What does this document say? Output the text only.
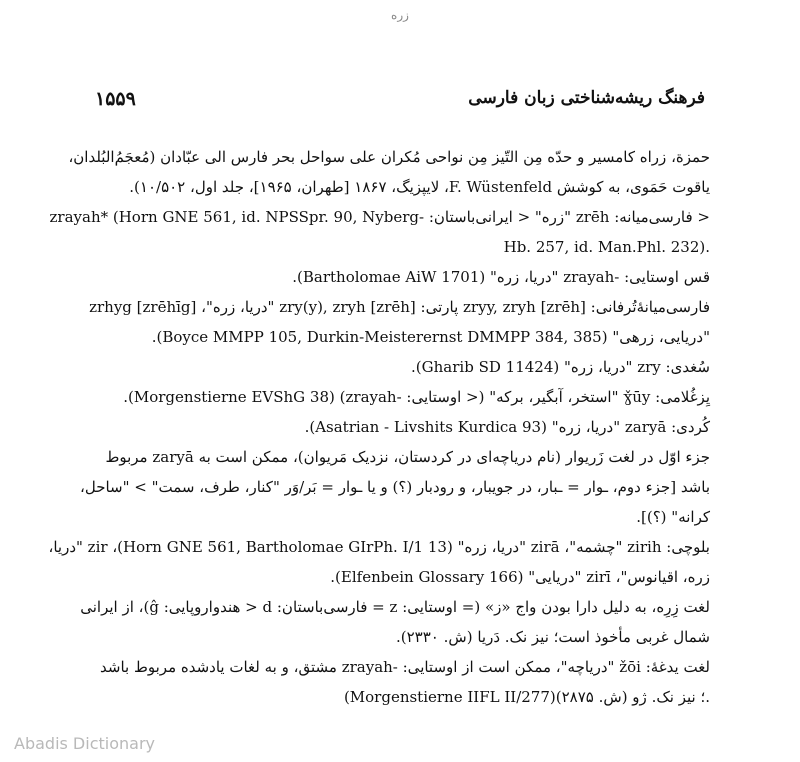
زره
۱۵۵۹	فرهنگ ریشه‌شناختی زبان فارسی
حمزة، زراه کامسیر و حدّه مِن التّیز مِن نواحی مُکران علی سواحل بحر فارس الی عبّادان (مُعجَمُ‌البُلدان،
یاقوت حَمَوی، به کوشش F. Wüstenfeld، لایپزیگ، ۱۸۶۷ [طهران، ۱۹۶۵]، جلد اول، ۱۰/۵۰۲).
< فارسی‌میانه: zrēh "زره" < ایرانی‌باستان: -zrayah* (Horn GNE 561, id. NPSSpr. 90, Nyberg
Hb. 257, id. Man.Phl. 232).
قس اوستایی: -zrayah "دریا، زره" (Bartholomae AiW 1701).
فارسی‌میانهٔ‌تُرفانی: zryy, zryh [zrēh] پارتی: zry(y), zryh [zrēh] "دریا، زره"، zrhyg [zrēhīg]
"دریایی، زرهی" (Boyce MMPP 105, Durkin-Meisterernst DMMPP 384, 385).
سُغدی: zry "دریا، زره" (Gharib SD 11424).
یِزغُلامی: ɣ̌ūy "استخر، آبگیر، برکه" (< اوستایی: -zrayah) (Morgenstierne EVShG 38).
کُردی: zaryā "دریا، زره" (Asatrian - Livshits Kurdica 93).
جزء اوّل در لغت زَریوار (نام دریاچه‌ای در کردستان، نزدیک مَریوان)، ممکن است به zaryā مربوط
باشد [جزء دوم، ـوار = ـبار، در جویبار، و رودبار (؟) و یا ـوار = بَر/وَر "کنار، طرف، سمت" > "ساحل،
کرانه" (؟)].
بلوچی: zirih "چشمه"، zirā "دریا، زره" (Horn GNE 561, Bartholomae GIrPh. I/1 13)، zir "دریا،
زره، اقیانوس"، zirī "دریایی" (Elfenbein Glossary 166).
لغت زِرِه، به دلیل دارا بودن واج «ز» (= اوستایی: z = فارسی‌باستان: d < هندواروپایی: ĝ)، از ایرانی
شمال غربی مأخوذ است؛ نیز نک. دَریا (ش. ۲۳۳۰).
لغت یدغهٔ: žōi "دریاچه"، ممکن است از اوستایی: -zrayah مشتق، و به لغات یادشده مربوط باشد
(Morgenstierne IIFL II/277)؛ نیز نک. ژو (ش. ۲۸۷۵).
Abadis Dictionary
